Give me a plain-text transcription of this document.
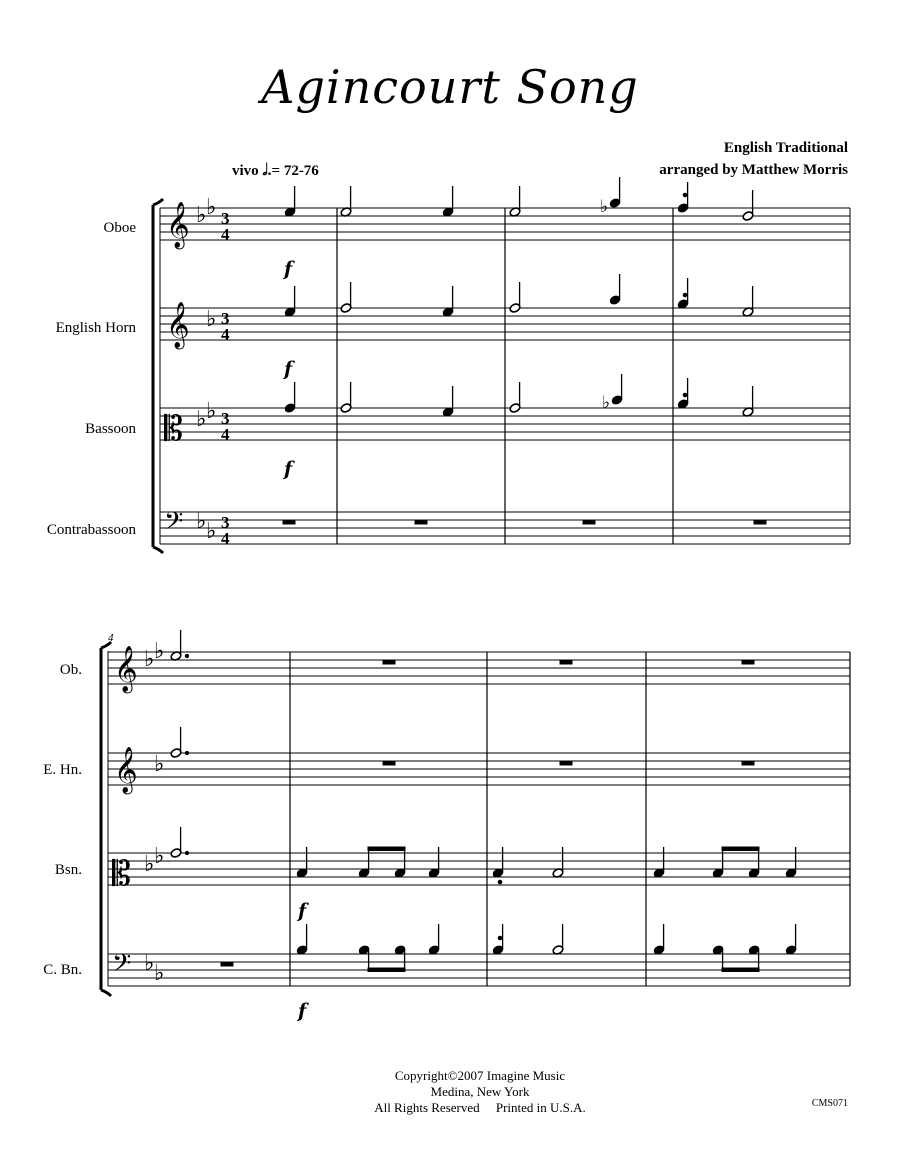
Agincourt Song
English Traditional
arranged by Matthew Morris
vivo 𝅗𝅥.= 72-76
Oboe
English Horn
Bassoon
Contrabassoon
Ob.
E. Hn.
Bsn.
C. Bn.
𝄞 ♭ ♭ 3
4
𝄞 ♭ 3
4
𝄡 ♭ ♭ 3
4
𝄢 ♭ ♭ 3
4
♭
♭
f
f
f
4
𝄞 ♭ ♭
𝄞 ♭
𝄡 ♭ ♭
𝄢 ♭ ♭
f
f
Copyright©2007 Imagine Music
Medina, New York
All Rights Reserved Printed in U.S.A.	CMS071
